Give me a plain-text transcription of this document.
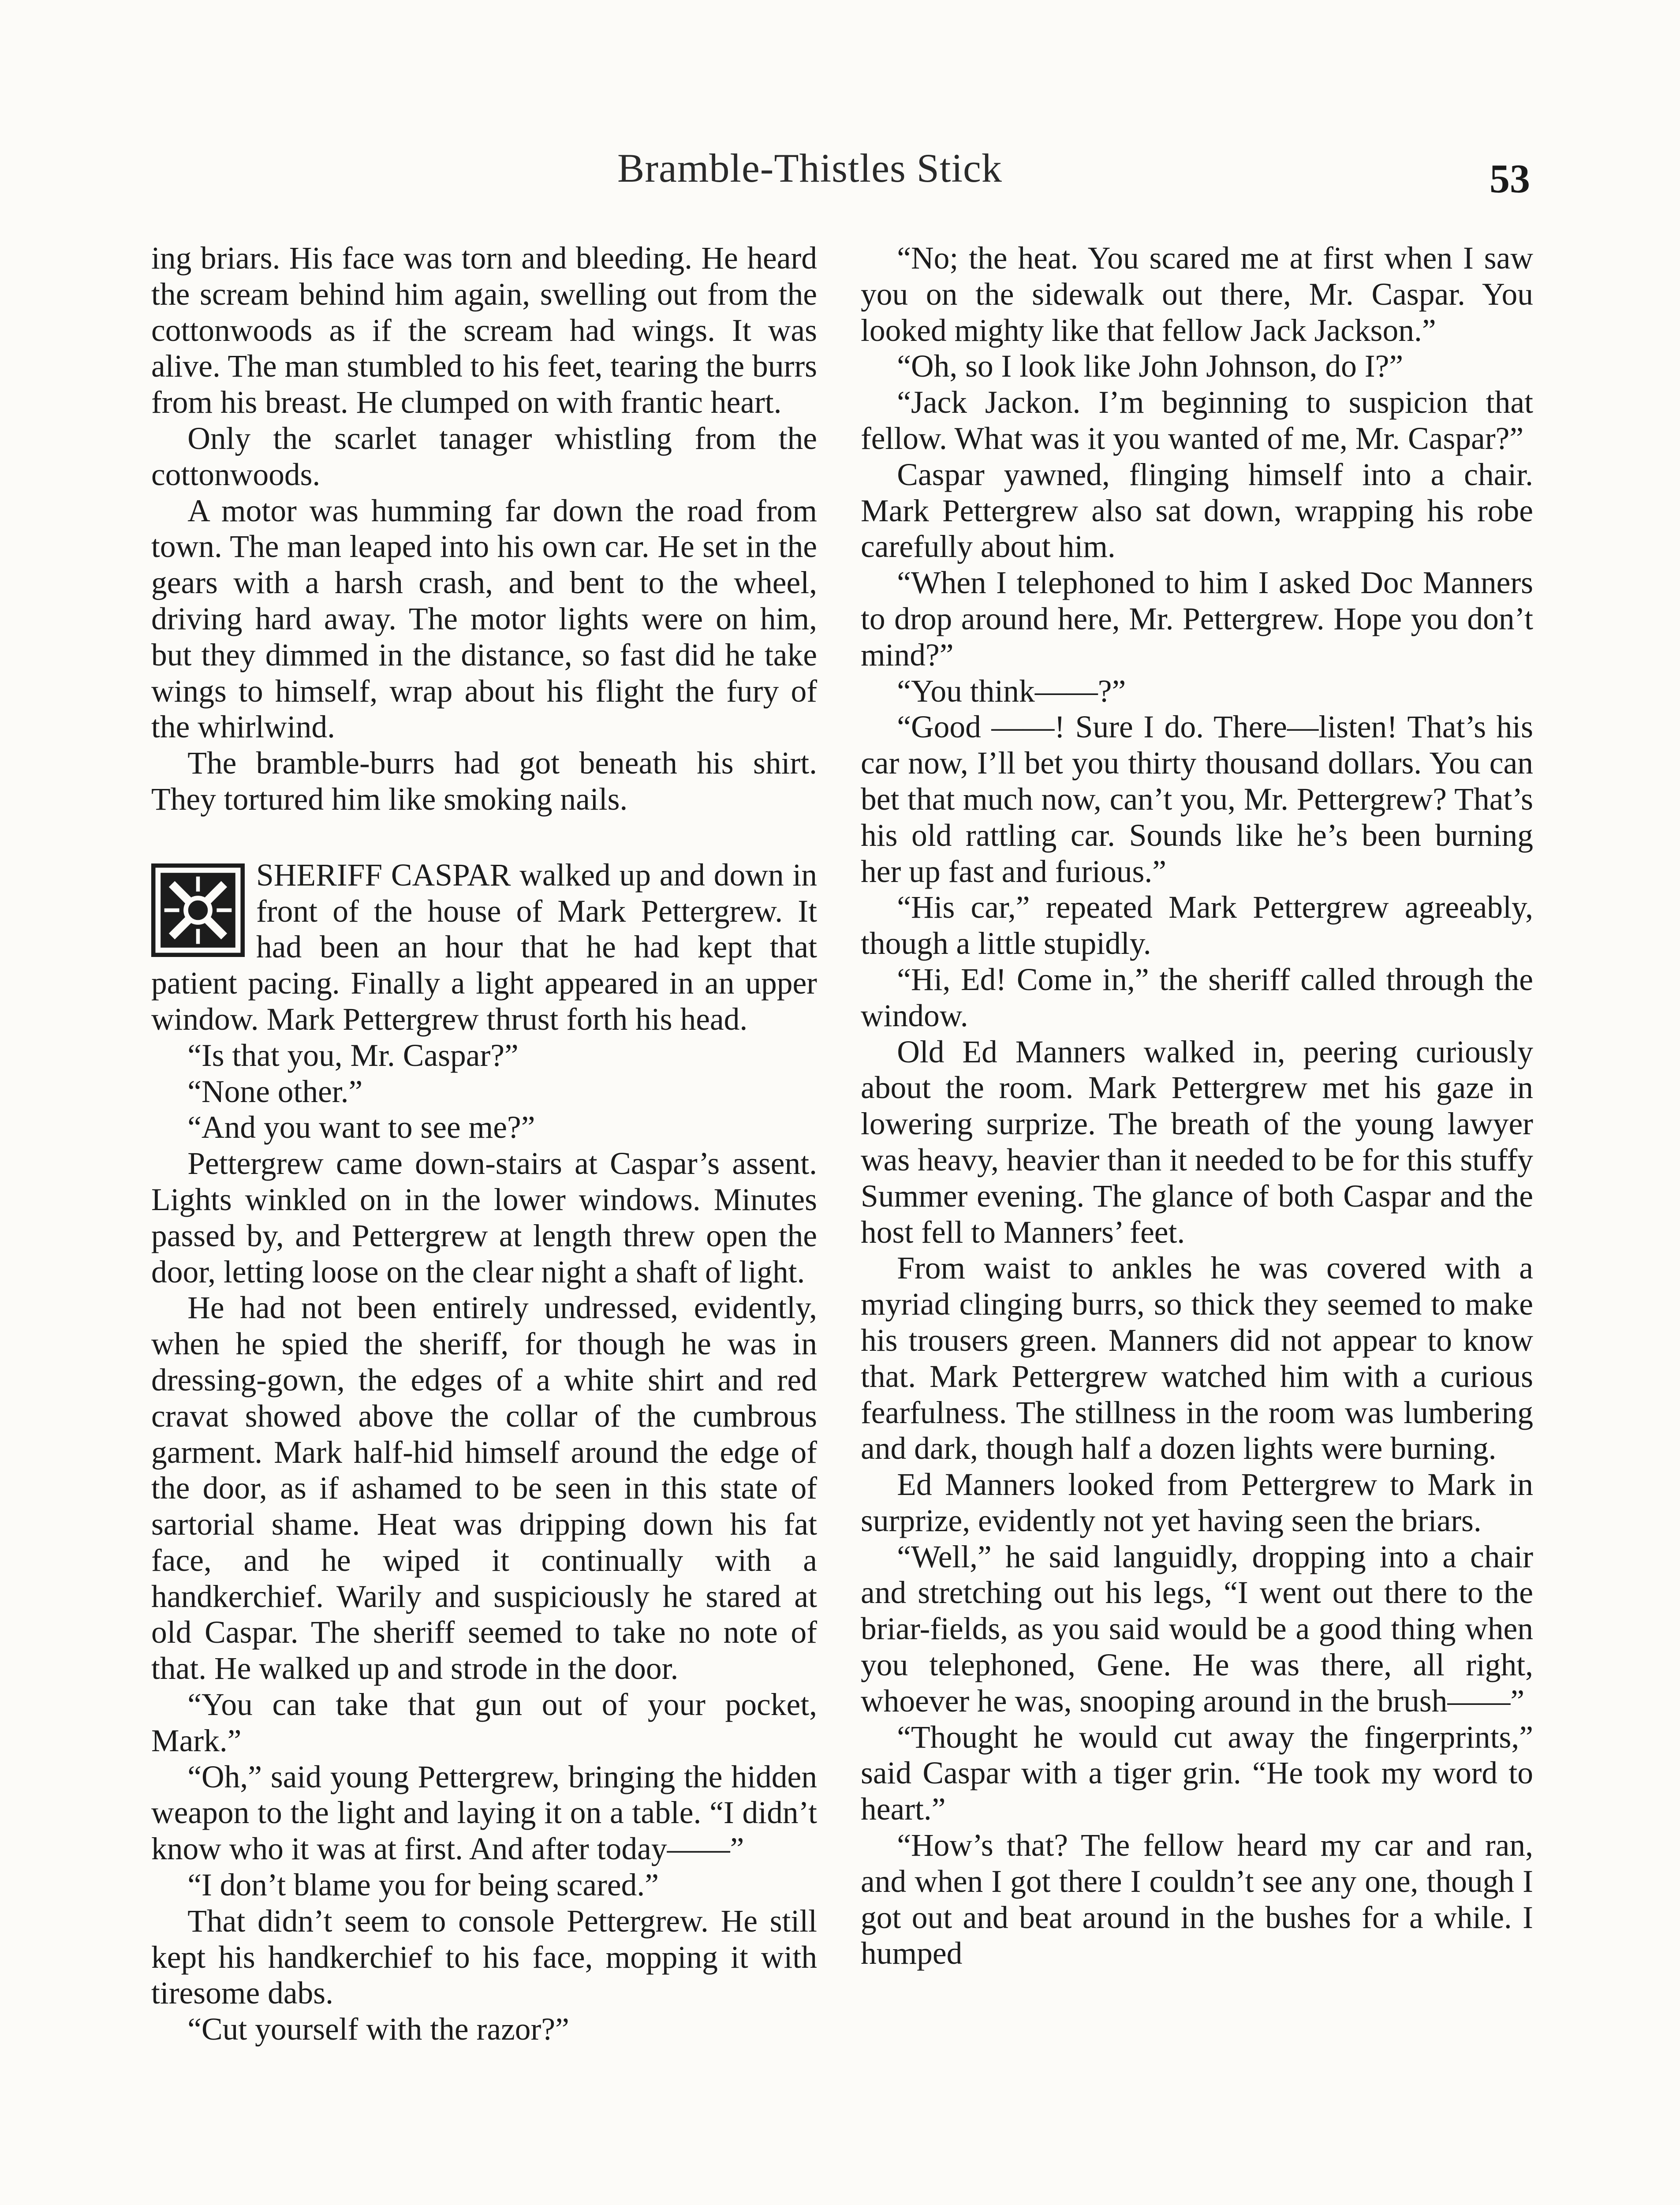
Bramble-Thistles Stick	53

ing briars. His face was torn and bleeding. He heard the scream behind him again, swelling out from the cottonwoods as if the scream had wings. It was alive. The man stumbled to his feet, tearing the burrs from his breast. He clumped on with frantic heart.

Only the scarlet tanager whistling from the cottonwoods.

A motor was humming far down the road from town. The man leaped into his own car. He set in the gears with a harsh crash, and bent to the wheel, driving hard away. The motor lights were on him, but they dimmed in the distance, so fast did he take wings to himself, wrap about his flight the fury of the whirlwind.

The bramble-burrs had got beneath his shirt. They tortured him like smoking nails.

SHERIFF CASPAR walked up and down in front of the house of Mark Pettergrew. It had been an hour that he had kept that patient pacing. Finally a light appeared in an upper window. Mark Pettergrew thrust forth his head.

“Is that you, Mr. Caspar?”

“None other.”

“And you want to see me?”

Pettergrew came down-stairs at Caspar’s assent. Lights winkled on in the lower windows. Minutes passed by, and Pettergrew at length threw open the door, letting loose on the clear night a shaft of light.

He had not been entirely undressed, evidently, when he spied the sheriff, for though he was in dressing-gown, the edges of a white shirt and red cravat showed above the collar of the cumbrous garment. Mark half-hid himself around the edge of the door, as if ashamed to be seen in this state of sartorial shame. Heat was dripping down his fat face, and he wiped it continually with a handkerchief. Warily and suspiciously he stared at old Caspar. The sheriff seemed to take no note of that. He walked up and strode in the door.

“You can take that gun out of your pocket, Mark.”

“Oh,” said young Pettergrew, bringing the hidden weapon to the light and laying it on a table. “I didn’t know who it was at first. And after today——”

“I don’t blame you for being scared.”

That didn’t seem to console Pettergrew. He still kept his handkerchief to his face, mopping it with tiresome dabs.

“Cut yourself with the razor?”

“No; the heat. You scared me at first when I saw you on the sidewalk out there, Mr. Caspar. You looked mighty like that fellow Jack Jackson.”

“Oh, so I look like John Johnson, do I?”

“Jack Jackon. I’m beginning to suspicion that fellow. What was it you wanted of me, Mr. Caspar?”

Caspar yawned, flinging himself into a chair. Mark Pettergrew also sat down, wrapping his robe carefully about him.

“When I telephoned to him I asked Doc Manners to drop around here, Mr. Pettergrew. Hope you don’t mind?”

“You think——?”

“Good ——! Sure I do. There—listen! That’s his car now, I’ll bet you thirty thousand dollars. You can bet that much now, can’t you, Mr. Pettergrew? That’s his old rattling car. Sounds like he’s been burning her up fast and furious.”

“His car,” repeated Mark Pettergrew agreeably, though a little stupidly.

“Hi, Ed! Come in,” the sheriff called through the window.

Old Ed Manners walked in, peering curiously about the room. Mark Pettergrew met his gaze in lowering surprize. The breath of the young lawyer was heavy, heavier than it needed to be for this stuffy Summer evening. The glance of both Caspar and the host fell to Manners’ feet.

From waist to ankles he was covered with a myriad clinging burrs, so thick they seemed to make his trousers green. Manners did not appear to know that. Mark Pettergrew watched him with a curious fearfulness. The stillness in the room was lumbering and dark, though half a dozen lights were burning.

Ed Manners looked from Pettergrew to Mark in surprize, evidently not yet having seen the briars.

“Well,” he said languidly, dropping into a chair and stretching out his legs, “I went out there to the briar-fields, as you said would be a good thing when you telephoned, Gene. He was there, all right, whoever he was, snooping around in the brush——”

“Thought he would cut away the fingerprints,” said Caspar with a tiger grin. “He took my word to heart.”

“How’s that? The fellow heard my car and ran, and when I got there I couldn’t see any one, though I got out and beat around in the bushes for a while. I humped
